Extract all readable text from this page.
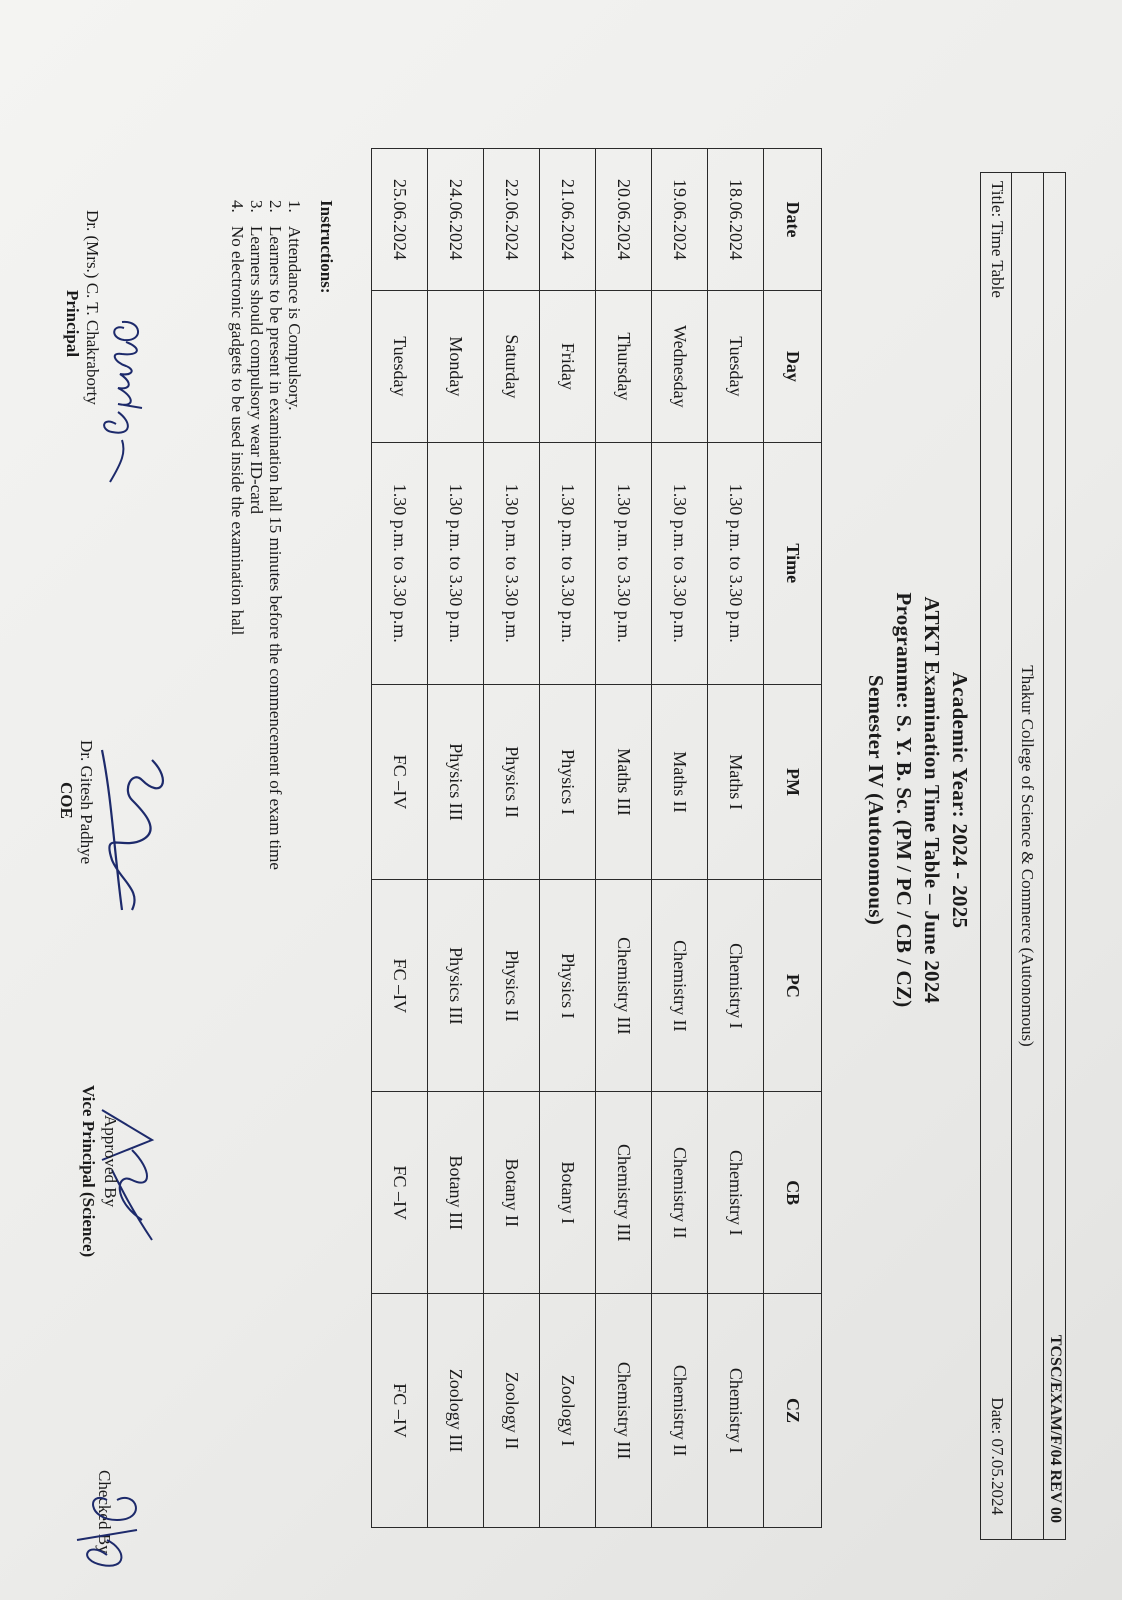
TCSC/EXAM/F/04 REV 00
Thakur College of Science & Commerce (Autonomous)
Title: Time Table
Date: 07.05.2024
Academic Year: 2024 - 2025
ATKT Examination Time Table – June 2024
Programme: S. Y. B. Sc. (PM / PC / CB / CZ)
Semester IV (Autonomous)
Date	Day	Time	PM	PC	CB	CZ
18.06.2024	Tuesday	1.30 p.m. to 3.30 p.m.	Maths I	Chemistry I	Chemistry I	Chemistry I
19.06.2024	Wednesday	1.30 p.m. to 3.30 p.m.	Maths II	Chemistry II	Chemistry II	Chemistry II
20.06.2024	Thursday	1.30 p.m. to 3.30 p.m.	Maths III	Chemistry III	Chemistry III	Chemistry III
21.06.2024	Friday	1.30 p.m. to 3.30 p.m.	Physics I	Physics I	Botany I	Zoology I
22.06.2024	Saturday	1.30 p.m. to 3.30 p.m.	Physics II	Physics II	Botany II	Zoology II
24.06.2024	Monday	1.30 p.m. to 3.30 p.m.	Physics III	Physics III	Botany III	Zoology III
25.06.2024	Tuesday	1.30 p.m. to 3.30 p.m.	FC –IV	FC –IV	FC –IV	FC –IV
Instructions:
1.
Attendance is Compulsory.
2.
Learners to be present in examination hall 15 minutes before the commencement of exam time
3.
Learners should compulsory wear ID-card
4.
No electronic gadgets to be used inside the examination hall
Dr. (Mrs.) C. T. Chakraborty
Principal
Dr. Gitesh Padhye
COE
Approved By
Vice Principal (Science)
Checked By
